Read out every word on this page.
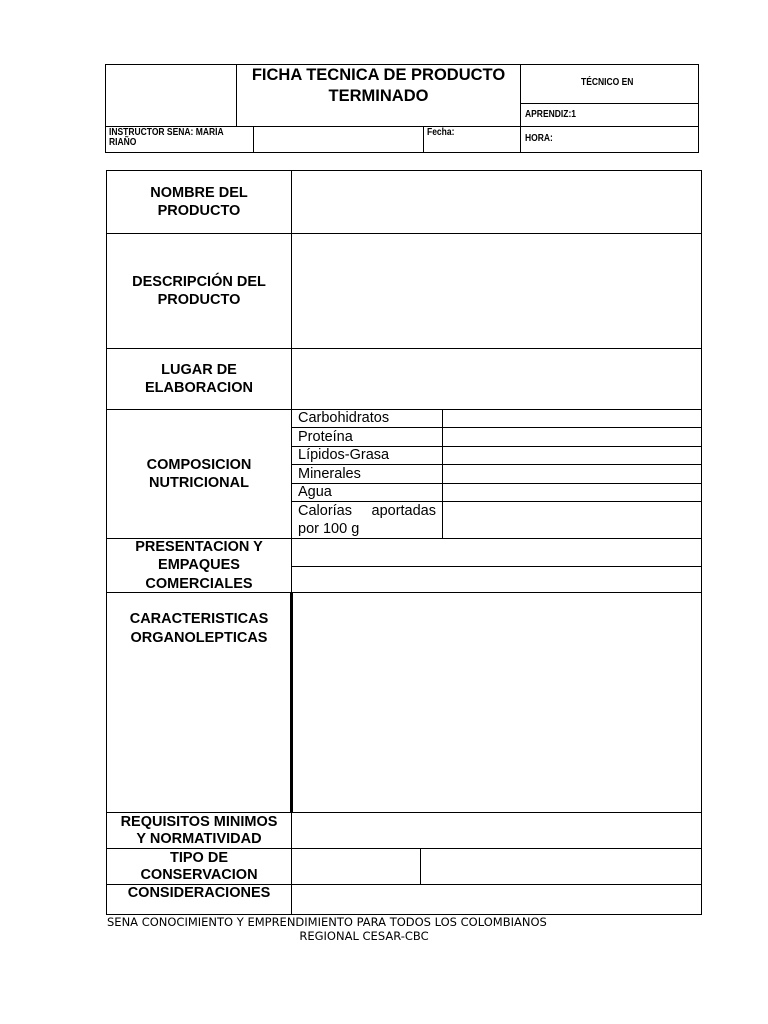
FICHA TECNICA DE PRODUCTO
TERMINADO
TÉCNICO EN
APRENDIZ:1
INSTRUCTOR SENA: MARÍA
RIAÑO
Fecha:
HORA:
NOMBRE DEL
PRODUCTO
DESCRIPCIÓN DEL
PRODUCTO
LUGAR DE
ELABORACION
COMPOSICION
NUTRICIONAL
PRESENTACION Y
EMPAQUES
COMERCIALES
CARACTERISTICAS
ORGANOLEPTICAS
REQUISITOS MINIMOS
Y NORMATIVIDAD
TIPO DE
CONSERVACION
CONSIDERACIONES
Carbohidratos
Proteína
Lípidos-Grasa
Minerales
Agua
Calorías aportadas
por 100 g
SENA CONOCIMIENTO Y EMPRENDIMIENTO PARA TODOS LOS COLOMBIANOS
REGIONAL CESAR-CBC
